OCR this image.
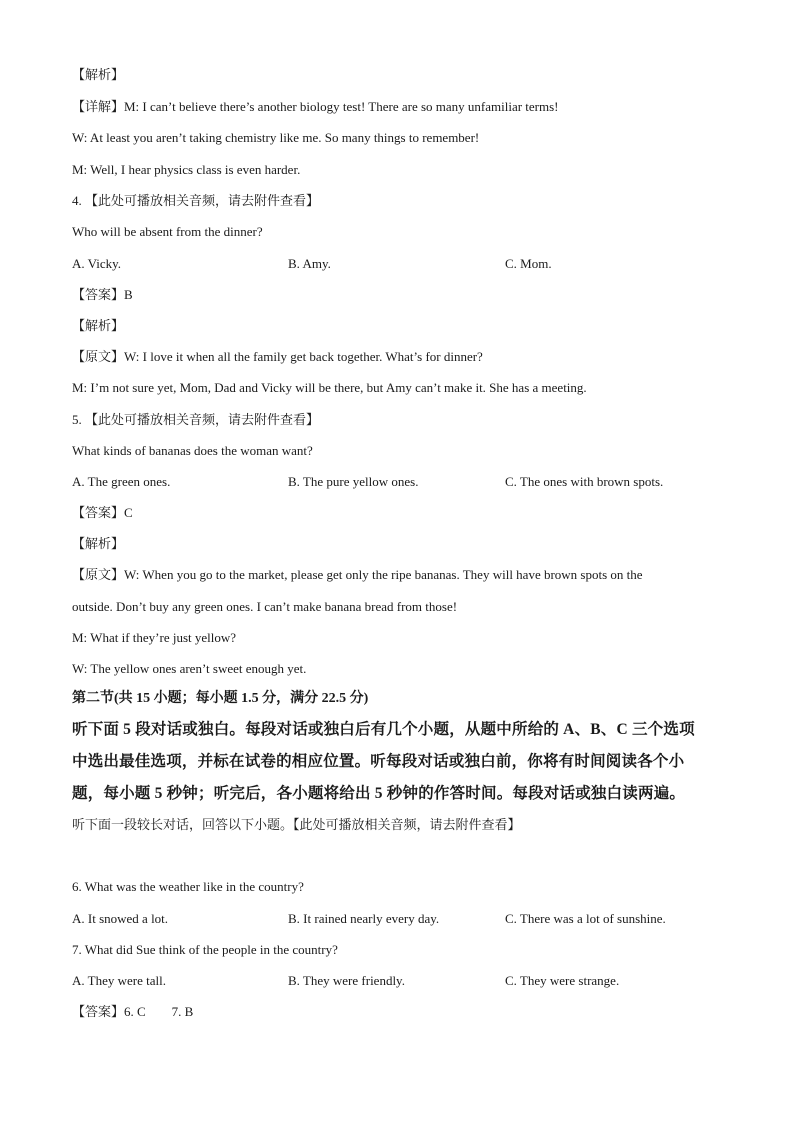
【解析】
【详解】M: I can’t believe there’s another biology test! There are so many unfamiliar terms!
W: At least you aren’t taking chemistry like me. So many things to remember!
M: Well, I hear physics class is even harder.
4. 【此处可播放相关音频，请去附件查看】
Who will be absent from the dinner?
A. Vicky.	B. Amy.	C. Mom.
【答案】B
【解析】
【原文】W: I love it when all the family get back together. What’s for dinner?
M: I’m not sure yet, Mom, Dad and Vicky will be there, but Amy can’t make it. She has a meeting.
5. 【此处可播放相关音频，请去附件查看】
What kinds of bananas does the woman want?
A. The green ones.	B. The pure yellow ones.	C. The ones with brown spots.
【答案】C
【解析】
【原文】W: When you go to the market, please get only the ripe bananas. They will have brown spots on the
outside. Don’t buy any green ones. I can’t make banana bread from those!
M: What if they’re just yellow?
W: The yellow ones aren’t sweet enough yet.
第二节(共 15 小题；每小题 1.5 分，满分 22.5 分)
听下面 5 段对话或独白。每段对话或独白后有几个小题，从题中所给的 A、B、C 三个选项
中选出最佳选项，并标在试卷的相应位置。听每段对话或独白前，你将有时间阅读各个小
题，每小题 5 秒钟；听完后，各小题将给出 5 秒钟的作答时间。每段对话或独白读两遍。
听下面一段较长对话，回答以下小题。【此处可播放相关音频，请去附件查看】
6. What was the weather like in the country?
A. It snowed a lot.	B. It rained nearly every day.	C. There was a lot of sunshine.
7. What did Sue think of the people in the country?
A. They were tall.	B. They were friendly.	C. They were strange.
【答案】6. C        7. B
